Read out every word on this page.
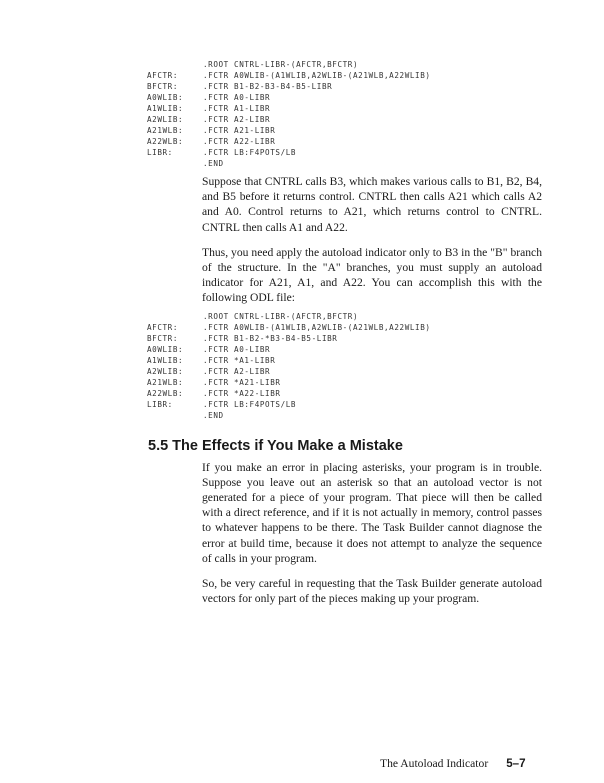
.ROOT CNTRL-LIBR-(AFCTR,BFCTR)
AFCTR:	.FCTR A0WLIB-(A1WLIB,A2WLIB-(A21WLB,A22WLIB)
BFCTR:	.FCTR B1-B2-B3-B4-B5-LIBR
A0WLIB:	.FCTR A0-LIBR
A1WLIB:	.FCTR A1-LIBR
A2WLIB:	.FCTR A2-LIBR
A21WLB:	.FCTR A21-LIBR
A22WLB:	.FCTR A22-LIBR
LIBR:	.FCTR LB:F4POTS/LB
.END

Suppose that CNTRL calls B3, which makes various calls to B1, B2, B4, and B5 before it returns control. CNTRL then calls A21 which calls A2 and A0. Control returns to A21, which returns control to CNTRL. CNTRL then calls A1 and A22.

Thus, you need apply the autoload indicator only to B3 in the "B" branch of the structure. In the "A" branches, you must supply an autoload indicator for A21, A1, and A22. You can accomplish this with the following ODL file:

.ROOT CNTRL-LIBR-(AFCTR,BFCTR)
AFCTR:	.FCTR A0WLIB-(A1WLIB,A2WLIB-(A21WLB,A22WLIB)
BFCTR:	.FCTR B1-B2-*B3-B4-B5-LIBR
A0WLIB:	.FCTR A0-LIBR
A1WLIB:	.FCTR *A1-LIBR
A2WLIB:	.FCTR A2-LIBR
A21WLB:	.FCTR *A21-LIBR
A22WLB:	.FCTR *A22-LIBR
LIBR:	.FCTR LB:F4POTS/LB
.END
5.5 The Effects if You Make a Mistake

If you make an error in placing asterisks, your program is in trouble. Suppose you leave out an asterisk so that an autoload vector is not generated for a piece of your program. That piece will then be called with a direct reference, and if it is not actually in memory, control passes to whatever happens to be there. The Task Builder cannot diagnose the error at build time, because it does not attempt to analyze the sequence of calls in your program.

So, be very careful in requesting that the Task Builder generate autoload vectors for only part of the pieces making up your program.

The Autoload Indicator 5–7
